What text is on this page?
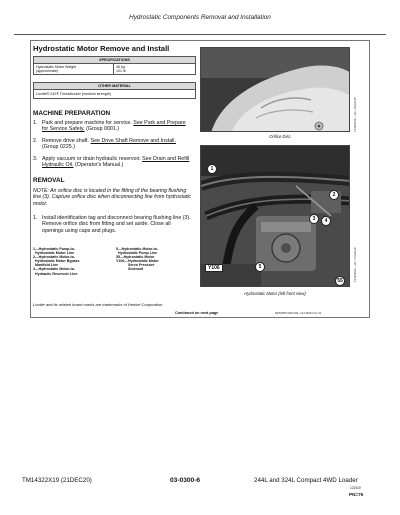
Hydrostatic Components Removal and Installation
Hydrostatic Motor Remove and Install
SPECIFICATIONS
Hydrostatic Motor Weight
(approximate)
46 kg
101 lb
OTHER MATERIAL
Loctite® 242® Threadlocker (medium strength)
MACHINE PREPARATION
1. Park and prepare machine for service. See Park and Prepare for Service Safely. (Group 0001.)
2. Remove drive shaft. See Drive Shaft Remove and Install. (Group 0225.)
3. Apply vacuum or drain hydraulic reservoir. See Drain and Refill Hydraulic Oil. (Operator's Manual.)
REMOVAL
NOTE: An orifice disc is located in the fitting of the bearing flushing line (3). Capture orifice disc when disconnecting line from hydrostatic motor.
1. Install identification tag and disconnect bearing flushing line (3). Remove orifice disc from fitting and set aside. Close all openings using caps and plugs.
1—Hydrostatic Pump-to-
Hydrostatic Motor Line
2—Hydrostatic Motor-to-
Hydrostatic Motor Bypass
Manifold Line
3—Hydrostatic Motor-to-
Hydraulic Reservoir Line
5—Hydrostatic Motor-to-
Hydrostatic Pump Line
55—Hydrostatic Motor
Y106—Hydrostatic Motor
Servo Pressure
Solenoid
Orifice Disc
TX1293518 —UN—05AUG18
1
2
3	4
5
55
Y106
Hydrostatic Motor (left front view)
TX1293520 —UN—07AUG18
Loctite and its related brand marks are trademarks of Henkel Corporation
Continued on next page	RE56955,000110E -19-13MAY19-1/3
TM14322X19 (21DEC20)	03-0300-6	244L and 324L Compact 4WD Loader
121920
PN=76
